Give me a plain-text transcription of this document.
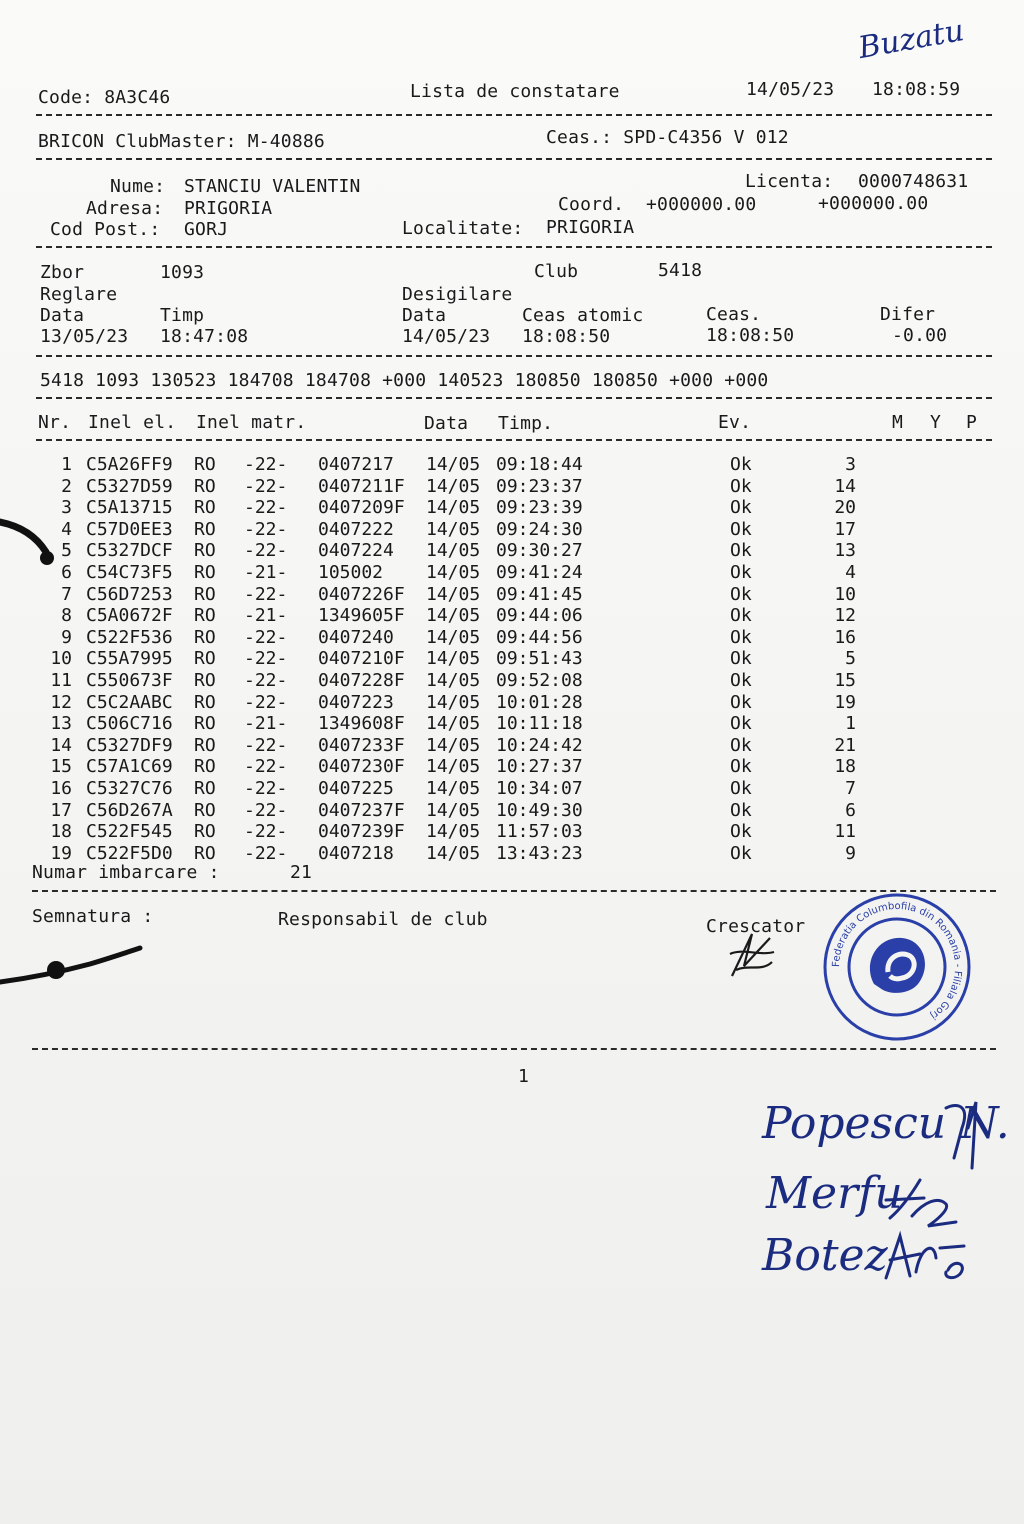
Code: 8A3C46	Lista de constatare	14/05/23 18:08:59
Buzatu
BRICON ClubMaster: M-40886	Ceas.: SPD-C4356 V 012
Nume: STANCIU VALENTIN
Adresa: PRIGORIA
Cod Post.: GORJ
Licenta: 0000748631
Coord. +000000.00	+000000.00
Localitate: PRIGORIA
Zbor	1093	Club	5418
Reglare	Desigilare
Data	Timp	Data	Ceas atomic	Ceas.	Difer
13/05/23 18:47:08	14/05/23 18:08:50	18:08:50	-0.00
5418 1093 130523 184708 184708 +000 140523 180850 180850 +000 +000
Nr. Inel el. Inel matr.	Data Timp.	Ev.	M Y P
1 C5A26FF9 RO -22- 0407217 14/05 09:18:44	Ok	3
2 C5327D59 RO -22- 0407211F 14/05 09:23:37	Ok	14
3 C5A13715 RO -22- 0407209F 14/05 09:23:39	Ok	20
4 C57D0EE3 RO -22- 0407222 14/05 09:24:30	Ok	17
5 C5327DCF RO -22- 0407224 14/05 09:30:27	Ok	13
6 C54C73F5 RO -21- 105002 14/05 09:41:24	Ok	4
7 C56D7253 RO -22- 0407226F 14/05 09:41:45	Ok	10
8 C5A0672F RO -21- 1349605F 14/05 09:44:06	Ok	12
9 C522F536 RO -22- 0407240 14/05 09:44:56	Ok	16
10 C55A7995 RO -22- 0407210F 14/05 09:51:43	Ok	5
11 C550673F RO -22- 0407228F 14/05 09:52:08	Ok	15
12 C5C2AABC RO -22- 0407223 14/05 10:01:28	Ok	19
13 C506C716 RO -21- 1349608F 14/05 10:11:18	Ok	1
14 C5327DF9 RO -22- 0407233F 14/05 10:24:42	Ok	21
15 C57A1C69 RO -22- 0407230F 14/05 10:27:37	Ok	18
16 C5327C76 RO -22- 0407225 14/05 10:34:07	Ok	7
17 C56D267A RO -22- 0407237F 14/05 10:49:30	Ok	6
18 C522F545 RO -22- 0407239F 14/05 11:57:03	Ok	11
19 C522F5D0 RO -22- 0407218 14/05 13:43:23	Ok	9
Numar imbarcare :	21
Semnatura :	Responsabil de club	Crescator
Federatia Columbofila din Romania - Filiala Gorj
1
Popescu N.
Merfu
Botez
